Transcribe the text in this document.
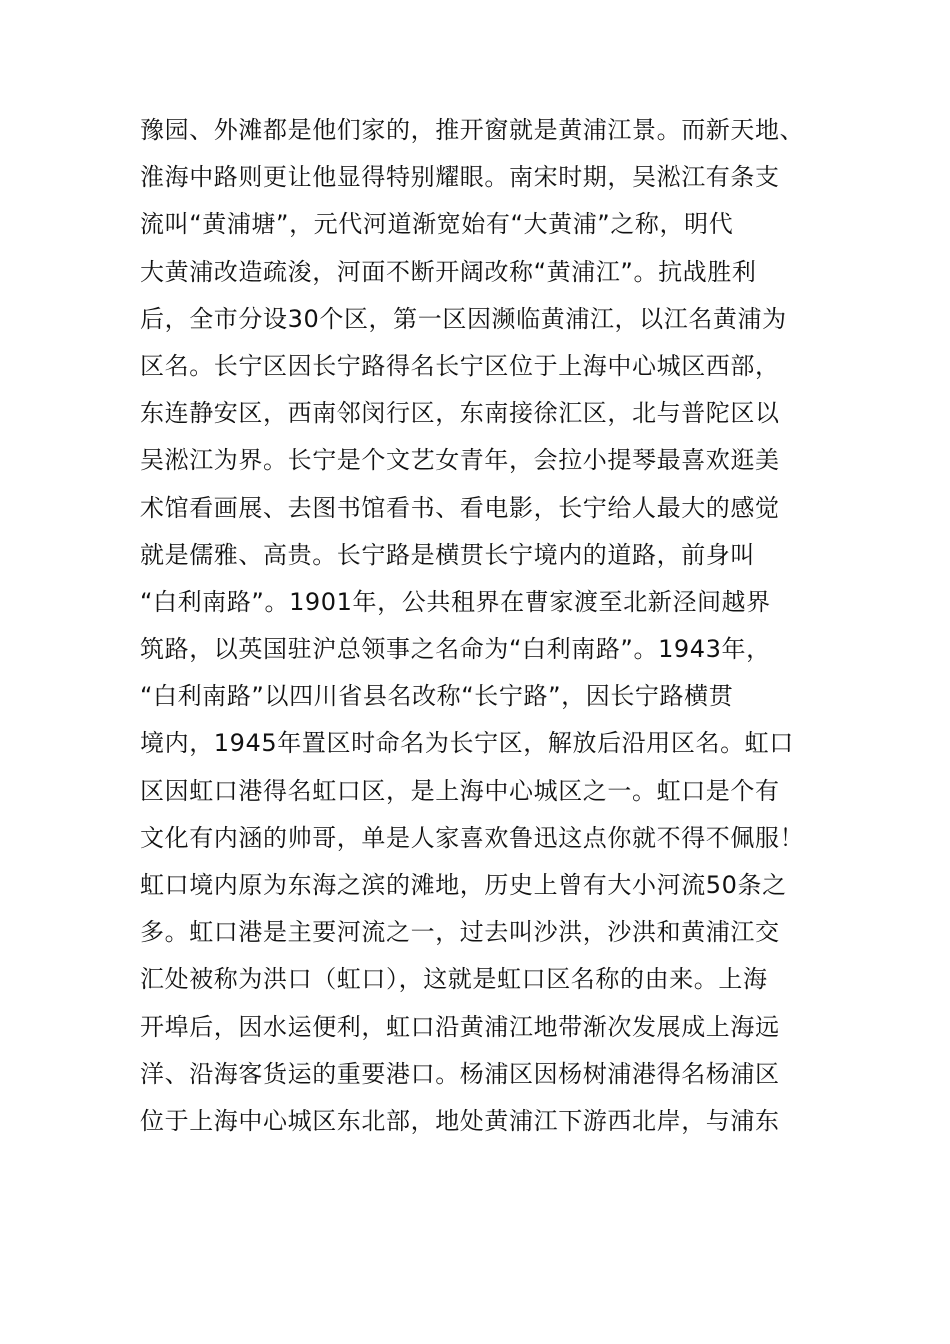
豫园、外滩都是他们家的，推开窗就是黄浦江景。而新天地、
淮海中路则更让他显得特别耀眼。南宋时期，吴淞江有条支
流叫“黄浦塘”，元代河道渐宽始有“大黄浦”之称，明代
大黄浦改造疏浚，河面不断开阔改称“黄浦江”。抗战胜利
后，全市分设30个区，第一区因濒临黄浦江，以江名黄浦为
区名。长宁区因长宁路得名长宁区位于上海中心城区西部，
东连静安区，西南邻闵行区，东南接徐汇区，北与普陀区以
吴淞江为界。长宁是个文艺女青年，会拉小提琴最喜欢逛美
术馆看画展、去图书馆看书、看电影，长宁给人最大的感觉
就是儒雅、高贵。长宁路是横贯长宁境内的道路，前身叫
“白利南路”。1901年，公共租界在曹家渡至北新泾间越界
筑路，以英国驻沪总领事之名命为“白利南路”。1943年，
“白利南路”以四川省县名改称“长宁路”，因长宁路横贯
境内，1945年置区时命名为长宁区，解放后沿用区名。虹口
区因虹口港得名虹口区，是上海中心城区之一。虹口是个有
文化有内涵的帅哥，单是人家喜欢鲁迅这点你就不得不佩服！
虹口境内原为东海之滨的滩地，历史上曾有大小河流50条之
多。虹口港是主要河流之一，过去叫沙洪，沙洪和黄浦江交
汇处被称为洪口（虹口），这就是虹口区名称的由来。上海
开埠后，因水运便利，虹口沿黄浦江地带渐次发展成上海远
洋、沿海客货运的重要港口。杨浦区因杨树浦港得名杨浦区
位于上海中心城区东北部，地处黄浦江下游西北岸，与浦东
